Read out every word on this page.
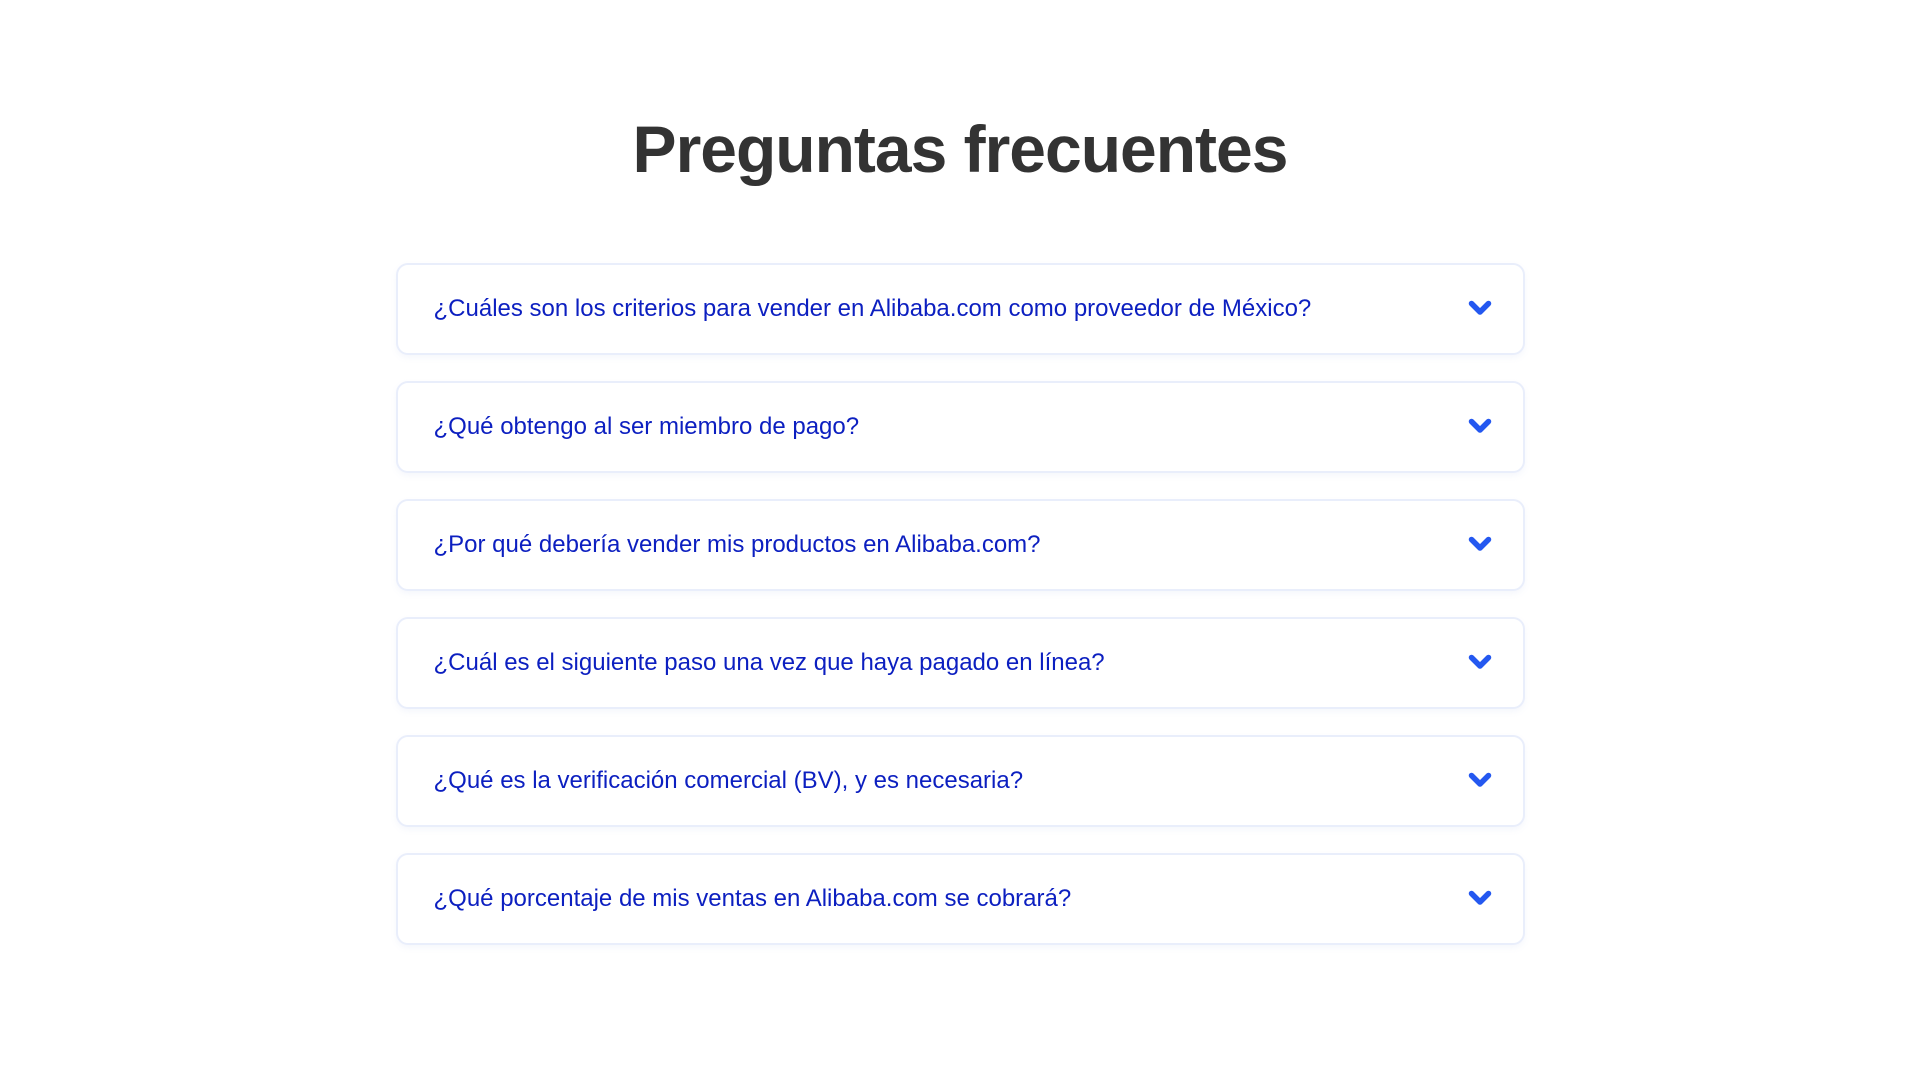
Preguntas frecuentes
¿Cuáles son los criterios para vender en Alibaba.com como proveedor de México?
¿Qué obtengo al ser miembro de pago?
¿Por qué debería vender mis productos en Alibaba.com?
¿Cuál es el siguiente paso una vez que haya pagado en línea?
¿Qué es la verificación comercial (BV), y es necesaria?
¿Qué porcentaje de mis ventas en Alibaba.com se cobrará?
